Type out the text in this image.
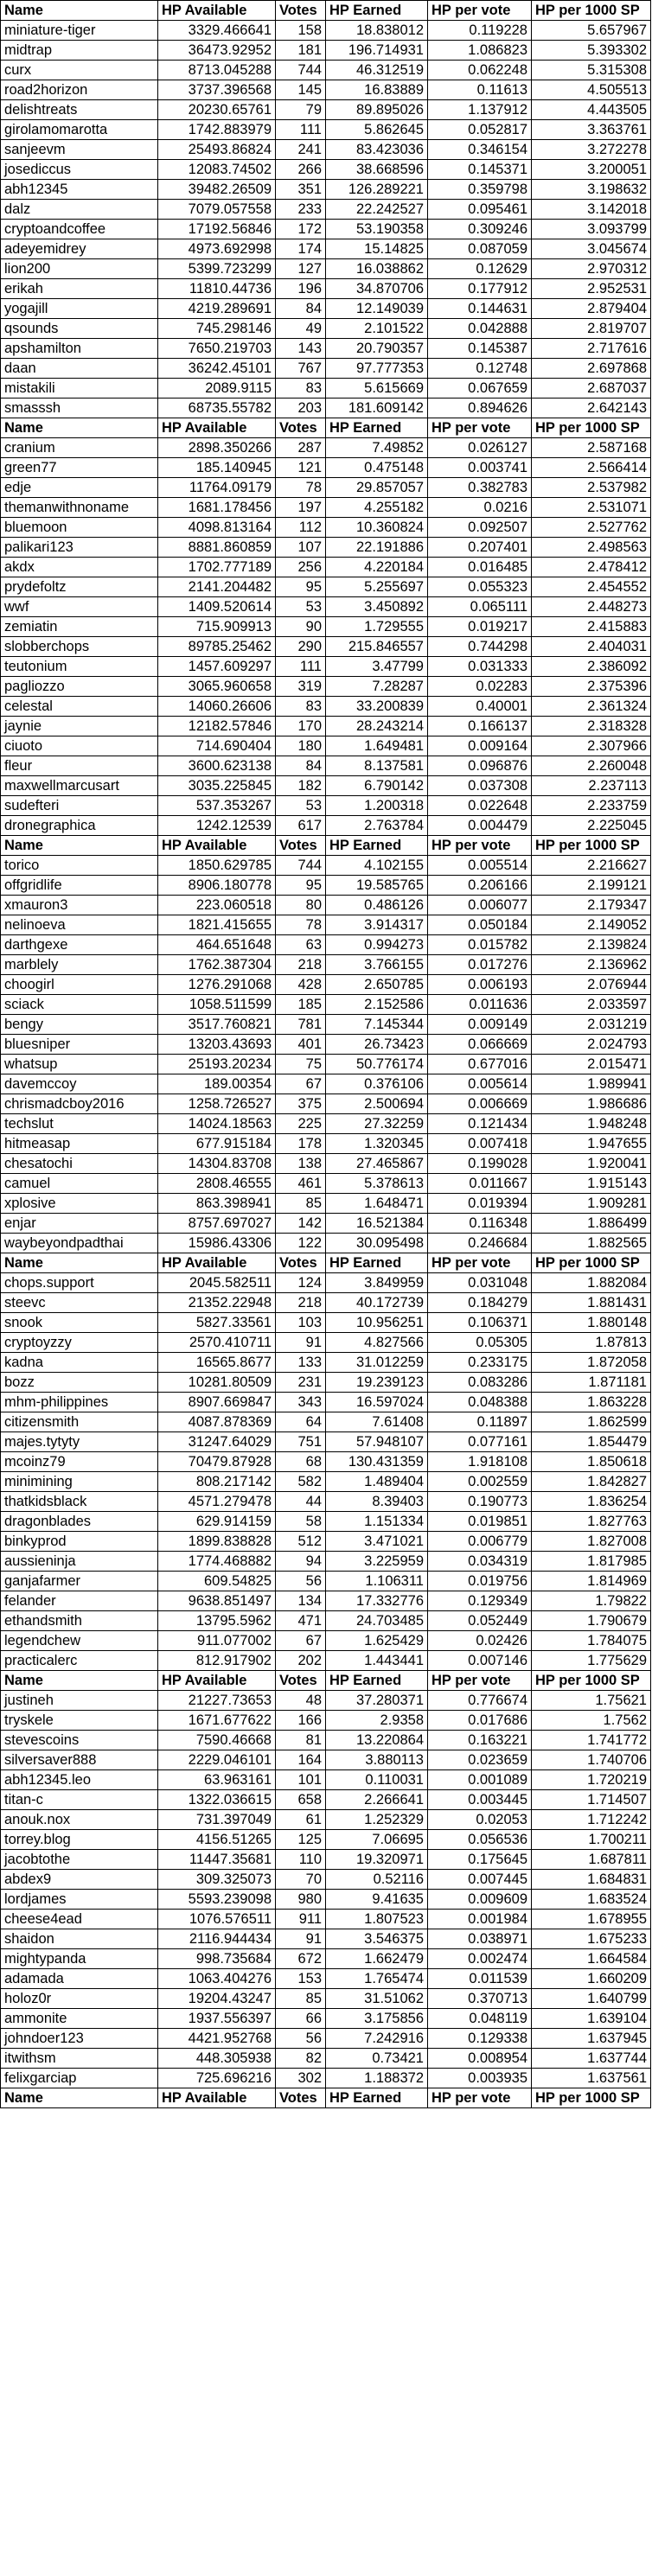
Name	HP Available	Votes	HP Earned	HP per vote	HP per 1000 SP
miniature-tiger	3329.466641	158	18.838012	0.119228	5.657967
midtrap	36473.92952	181	196.714931	1.086823	5.393302
curx	8713.045288	744	46.312519	0.062248	5.315308
road2horizon	3737.396568	145	16.83889	0.11613	4.505513
delishtreats	20230.65761	79	89.895026	1.137912	4.443505
girolamomarotta	1742.883979	111	5.862645	0.052817	3.363761
sanjeevm	25493.86824	241	83.423036	0.346154	3.272278
josediccus	12083.74502	266	38.668596	0.145371	3.200051
abh12345	39482.26509	351	126.289221	0.359798	3.198632
dalz	7079.057558	233	22.242527	0.095461	3.142018
cryptoandcoffee	17192.56846	172	53.190358	0.309246	3.093799
adeyemidrey	4973.692998	174	15.14825	0.087059	3.045674
lion200	5399.723299	127	16.038862	0.12629	2.970312
erikah	11810.44736	196	34.870706	0.177912	2.952531
yogajill	4219.289691	84	12.149039	0.144631	2.879404
qsounds	745.298146	49	2.101522	0.042888	2.819707
apshamilton	7650.219703	143	20.790357	0.145387	2.717616
daan	36242.45101	767	97.777353	0.12748	2.697868
mistakili	2089.9115	83	5.615669	0.067659	2.687037
smasssh	68735.55782	203	181.609142	0.894626	2.642143
Name	HP Available	Votes	HP Earned	HP per vote	HP per 1000 SP
cranium	2898.350266	287	7.49852	0.026127	2.587168
green77	185.140945	121	0.475148	0.003741	2.566414
edje	11764.09179	78	29.857057	0.382783	2.537982
themanwithnoname	1681.178456	197	4.255182	0.0216	2.531071
bluemoon	4098.813164	112	10.360824	0.092507	2.527762
palikari123	8881.860859	107	22.191886	0.207401	2.498563
akdx	1702.777189	256	4.220184	0.016485	2.478412
prydefoltz	2141.204482	95	5.255697	0.055323	2.454552
wwf	1409.520614	53	3.450892	0.065111	2.448273
zemiatin	715.909913	90	1.729555	0.019217	2.415883
slobberchops	89785.25462	290	215.846557	0.744298	2.404031
teutonium	1457.609297	111	3.47799	0.031333	2.386092
pagliozzo	3065.960658	319	7.28287	0.02283	2.375396
celestal	14060.26606	83	33.200839	0.40001	2.361324
jaynie	12182.57846	170	28.243214	0.166137	2.318328
ciuoto	714.690404	180	1.649481	0.009164	2.307966
fleur	3600.623138	84	8.137581	0.096876	2.260048
maxwellmarcusart	3035.225845	182	6.790142	0.037308	2.237113
sudefteri	537.353267	53	1.200318	0.022648	2.233759
dronegraphica	1242.12539	617	2.763784	0.004479	2.225045
Name	HP Available	Votes	HP Earned	HP per vote	HP per 1000 SP
torico	1850.629785	744	4.102155	0.005514	2.216627
offgridlife	8906.180778	95	19.585765	0.206166	2.199121
xmauron3	223.060518	80	0.486126	0.006077	2.179347
nelinoeva	1821.415655	78	3.914317	0.050184	2.149052
darthgexe	464.651648	63	0.994273	0.015782	2.139824
marblely	1762.387304	218	3.766155	0.017276	2.136962
choogirl	1276.291068	428	2.650785	0.006193	2.076944
sciack	1058.511599	185	2.152586	0.011636	2.033597
bengy	3517.760821	781	7.145344	0.009149	2.031219
bluesniper	13203.43693	401	26.73423	0.066669	2.024793
whatsup	25193.20234	75	50.776174	0.677016	2.015471
davemccoy	189.00354	67	0.376106	0.005614	1.989941
chrismadcboy2016	1258.726527	375	2.500694	0.006669	1.986686
techslut	14024.18563	225	27.32259	0.121434	1.948248
hitmeasap	677.915184	178	1.320345	0.007418	1.947655
chesatochi	14304.83708	138	27.465867	0.199028	1.920041
camuel	2808.46555	461	5.378613	0.011667	1.915143
xplosive	863.398941	85	1.648471	0.019394	1.909281
enjar	8757.697027	142	16.521384	0.116348	1.886499
waybeyondpadthai	15986.43306	122	30.095498	0.246684	1.882565
Name	HP Available	Votes	HP Earned	HP per vote	HP per 1000 SP
chops.support	2045.582511	124	3.849959	0.031048	1.882084
steevc	21352.22948	218	40.172739	0.184279	1.881431
snook	5827.33561	103	10.956251	0.106371	1.880148
cryptoyzzy	2570.410711	91	4.827566	0.05305	1.87813
kadna	16565.8677	133	31.012259	0.233175	1.872058
bozz	10281.80509	231	19.239123	0.083286	1.871181
mhm-philippines	8907.669847	343	16.597024	0.048388	1.863228
citizensmith	4087.878369	64	7.61408	0.11897	1.862599
majes.tytyty	31247.64029	751	57.948107	0.077161	1.854479
mcoinz79	70479.87928	68	130.431359	1.918108	1.850618
minimining	808.217142	582	1.489404	0.002559	1.842827
thatkidsblack	4571.279478	44	8.39403	0.190773	1.836254
dragonblades	629.914159	58	1.151334	0.019851	1.827763
binkyprod	1899.838828	512	3.471021	0.006779	1.827008
aussieninja	1774.468882	94	3.225959	0.034319	1.817985
ganjafarmer	609.54825	56	1.106311	0.019756	1.814969
felander	9638.851497	134	17.332776	0.129349	1.79822
ethandsmith	13795.5962	471	24.703485	0.052449	1.790679
legendchew	911.077002	67	1.625429	0.02426	1.784075
practicalerc	812.917902	202	1.443441	0.007146	1.775629
Name	HP Available	Votes	HP Earned	HP per vote	HP per 1000 SP
justineh	21227.73653	48	37.280371	0.776674	1.75621
tryskele	1671.677622	166	2.9358	0.017686	1.7562
stevescoins	7590.46668	81	13.220864	0.163221	1.741772
silversaver888	2229.046101	164	3.880113	0.023659	1.740706
abh12345.leo	63.963161	101	0.110031	0.001089	1.720219
titan-c	1322.036615	658	2.266641	0.003445	1.714507
anouk.nox	731.397049	61	1.252329	0.02053	1.712242
torrey.blog	4156.51265	125	7.06695	0.056536	1.700211
jacobtothe	11447.35681	110	19.320971	0.175645	1.687811
abdex9	309.325073	70	0.52116	0.007445	1.684831
lordjames	5593.239098	980	9.41635	0.009609	1.683524
cheese4ead	1076.576511	911	1.807523	0.001984	1.678955
shaidon	2116.944434	91	3.546375	0.038971	1.675233
mightypanda	998.735684	672	1.662479	0.002474	1.664584
adamada	1063.404276	153	1.765474	0.011539	1.660209
holoz0r	19204.43247	85	31.51062	0.370713	1.640799
ammonite	1937.556397	66	3.175856	0.048119	1.639104
johndoer123	4421.952768	56	7.242916	0.129338	1.637945
itwithsm	448.305938	82	0.73421	0.008954	1.637744
felixgarciap	725.696216	302	1.188372	0.003935	1.637561
Name	HP Available	Votes	HP Earned	HP per vote	HP per 1000 SP
